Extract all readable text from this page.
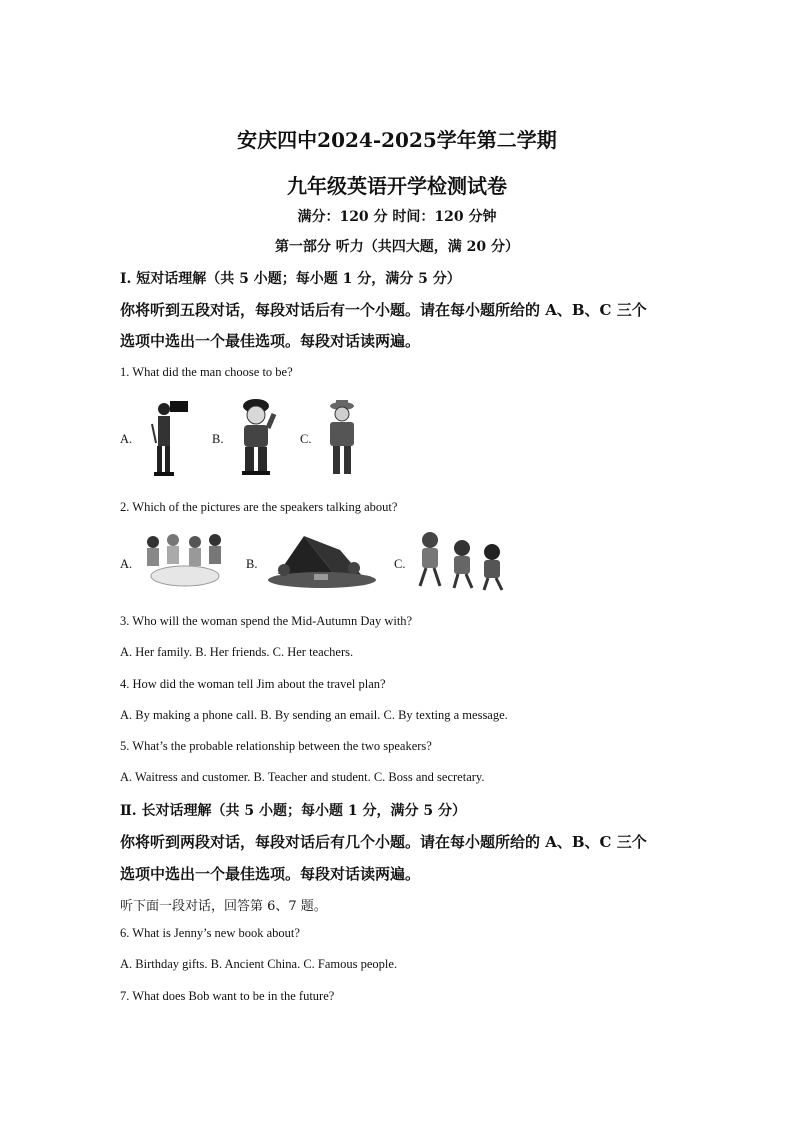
安庆四中2024-2025学年第二学期
九年级英语开学检测试卷
满分：120 分 时间：120 分钟
第一部分 听力（共四大题，满 20 分）
Ⅰ. 短对话理解（共 5 小题；每小题 1 分，满分 5 分）
你将听到五段对话，每段对话后有一个小题。请在每小题所给的 A、B、C 三个
选项中选出一个最佳选项。每段对话读两遍。
1. What did the man choose to be?
A.	B.	C.
2. Which of the pictures are the speakers talking about?
A.	B.	C.
3. Who will the woman spend the Mid-Autumn Day with?
A. Her family. B. Her friends. C. Her teachers.
4. How did the woman tell Jim about the travel plan?
A. By making a phone call. B. By sending an email. C. By texting a message.
5. What’s the probable relationship between the two speakers?
A. Waitress and customer. B. Teacher and student. C. Boss and secretary.
Ⅱ. 长对话理解（共 5 小题；每小题 1 分，满分 5 分）
你将听到两段对话，每段对话后有几个小题。请在每小题所给的 A、B、C 三个
选项中选出一个最佳选项。每段对话读两遍。
听下面一段对话，回答第 6、7 题。
6. What is Jenny’s new book about?
A. Birthday gifts. B. Ancient China. C. Famous people.
7. What does Bob want to be in the future?
